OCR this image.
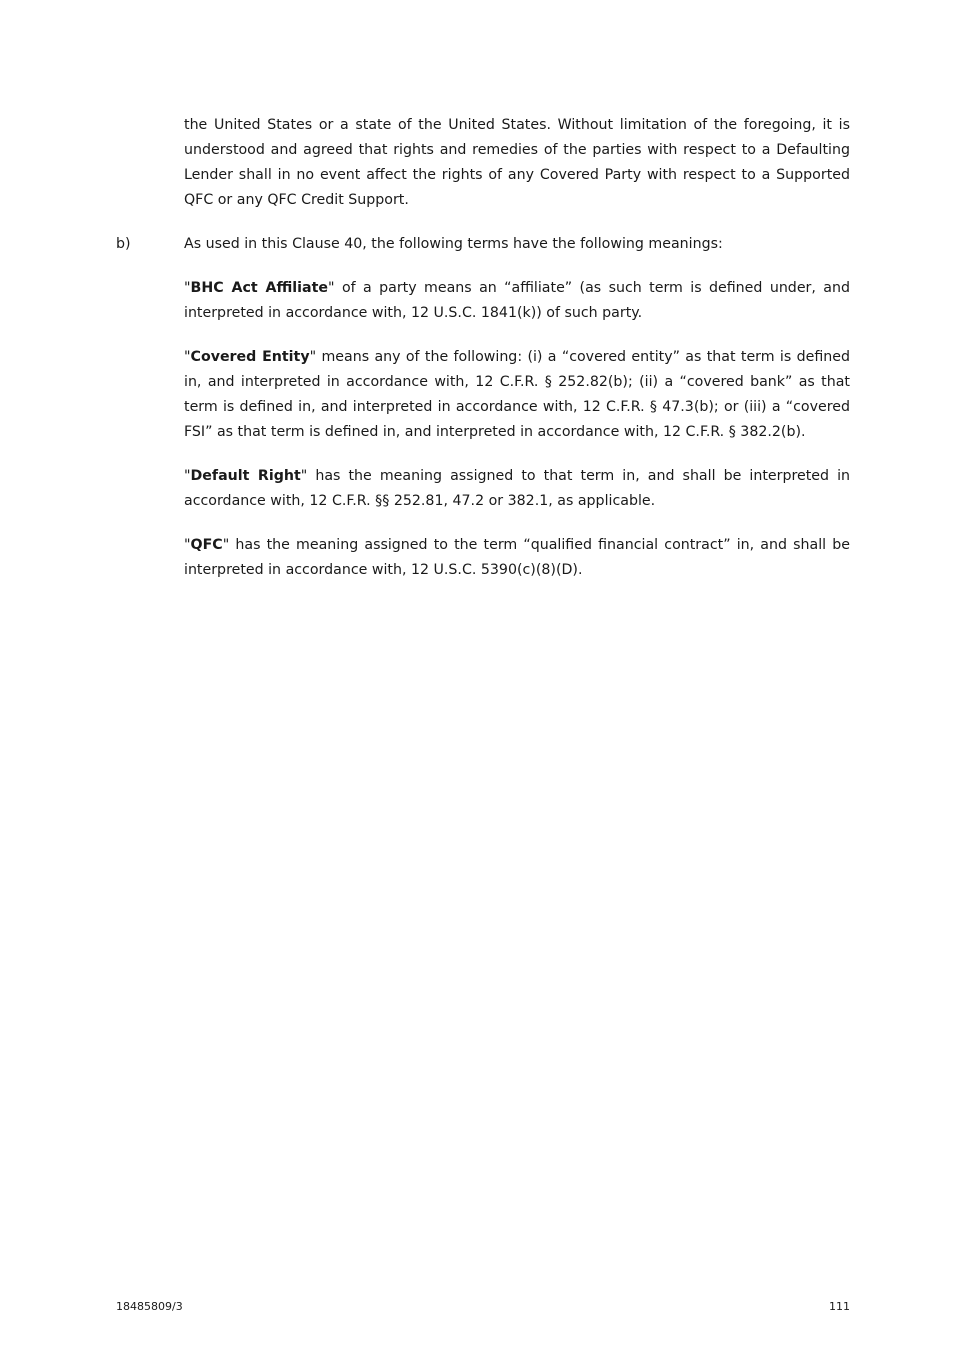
the United States or a state of the United States. Without limitation of the foregoing, it is understood and agreed that rights and remedies of the parties with respect to a Defaulting Lender shall in no event affect the rights of any Covered Party with respect to a Supported QFC or any QFC Credit Support.

b)	As used in this Clause 40, the following terms have the following meanings:

"BHC Act Affiliate" of a party means an “affiliate” (as such term is defined under, and interpreted in accordance with, 12 U.S.C. 1841(k)) of such party.

"Covered Entity" means any of the following: (i) a “covered entity” as that term is defined in, and interpreted in accordance with, 12 C.F.R. § 252.82(b); (ii) a “covered bank” as that term is defined in, and interpreted in accordance with, 12 C.F.R. § 47.3(b); or (iii) a “covered FSI” as that term is defined in, and interpreted in accordance with, 12 C.F.R. § 382.2(b).

"Default Right" has the meaning assigned to that term in, and shall be interpreted in accordance with, 12 C.F.R. §§ 252.81, 47.2 or 382.1, as applicable.

"QFC" has the meaning assigned to the term “qualified financial contract” in, and shall be interpreted in accordance with, 12 U.S.C. 5390(c)(8)(D).

18485809/3	111
